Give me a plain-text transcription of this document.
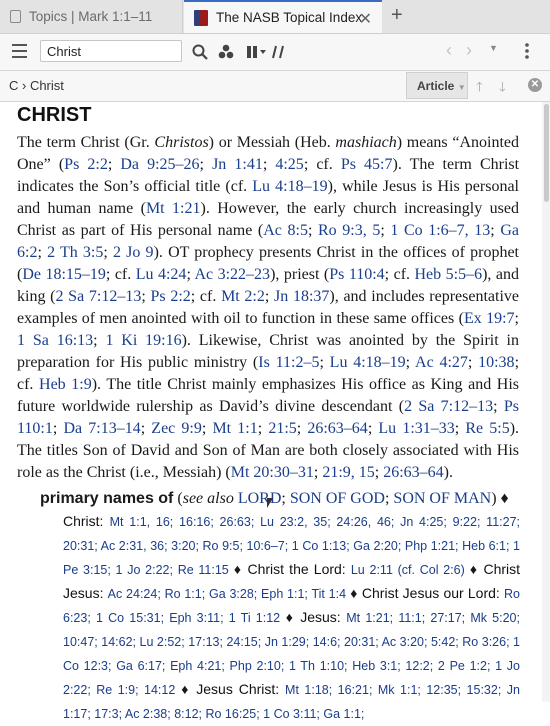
Topics | Mark 1:1–11	The NASB Topical Index
✕ +
Christ	‹ › ▼
C › Christ	Article ▼ 🡑 🡓	✕
CHRIST
The term Christ (Gr. Christos) or Messiah (Heb. mashiach) means “Anointed One” (Ps 2:2; Da 9:25–26; Jn 1:41; 4:25; cf. Ps 45:7). The term Christ indicates the Son’s official title (cf. Lu 4:18–19), while Jesus is His personal and human name (Mt 1:21). However, the early church increasingly used Christ as part of His personal name (Ac 8:5; Ro 9:3, 5; 1 Co 1:6–7, 13; Ga 6:2; 2 Th 3:5; 2 Jo 9). OT prophecy presents Christ in the offices of prophet (De 18:15–19; cf. Lu 4:24; Ac 3:22–23), priest (Ps 110:4; cf. Heb 5:5–6), and king (2 Sa 7:12–13; Ps 2:2; cf. Mt 2:2; Jn 18:37), and includes representative examples of men anointed with oil to function in these same offices (Ex 19:7; 1 Sa 16:13; 1 Ki 19:16). Likewise, Christ was anointed by the Spirit in preparation for His public ministry (Is 11:2–5; Lu 4:18–19; Ac 4:27; 10:38; cf. Heb 1:9). The title Christ mainly emphasizes His office as King and His future worldwide rulership as David’s divine descendant (2 Sa 7:12–13; Ps 110:1; Da 7:13–14; Zec 9:9; Mt 1:1; 21:5; 26:63–64; Lu 1:31–33; Re 5:5). The titles Son of David and Son of Man are both closely associated with His role as the Christ (i.e., Messiah) (Mt 20:30–31; 21:9, 15; 26:63–64).
primary names of (see also LORD; SON OF GOD; SON OF MAN) ♦
Christ: Mt 1:1, 16; 16:16; 26:63; Lu 23:2, 35; 24:26, 46; Jn 4:25; 9:22; 11:27; 20:31; Ac 2:31, 36; 3:20; Ro 9:5; 10:6–7; 1 Co 1:13; Ga 2:20; Php 1:21; Heb 6:1; 1 Pe 3:15; 1 Jo 2:22; Re 11:15 ♦ Christ the Lord: Lu 2:11 (cf. Col 2:6) ♦ Christ Jesus: Ac 24:24; Ro 1:1; Ga 3:28; Eph 1:1; Tit 1:4 ♦ Christ Jesus our Lord: Ro 6:23; 1 Co 15:31; Eph 3:11; 1 Ti 1:12 ♦ Jesus: Mt 1:21; 11:1; 27:17; Mk 5:20; 10:47; 14:62; Lu 2:52; 17:13; 24:15; Jn 1:29; 14:6; 20:31; Ac 3:20; 5:42; Ro 3:26; 1 Co 12:3; Ga 6:17; Eph 4:21; Php 2:10; 1 Th 1:10; Heb 3:1; 12:2; 2 Pe 1:2; 1 Jo 2:22; Re 1:9; 14:12 ♦ Jesus Christ: Mt 1:18; 16:21; Mk 1:1; 12:35; 15:32; Jn 1:17; 17:3; Ac 2:38; 8:12; Ro 16:25; 1 Co 3:11; Ga 1:1;
